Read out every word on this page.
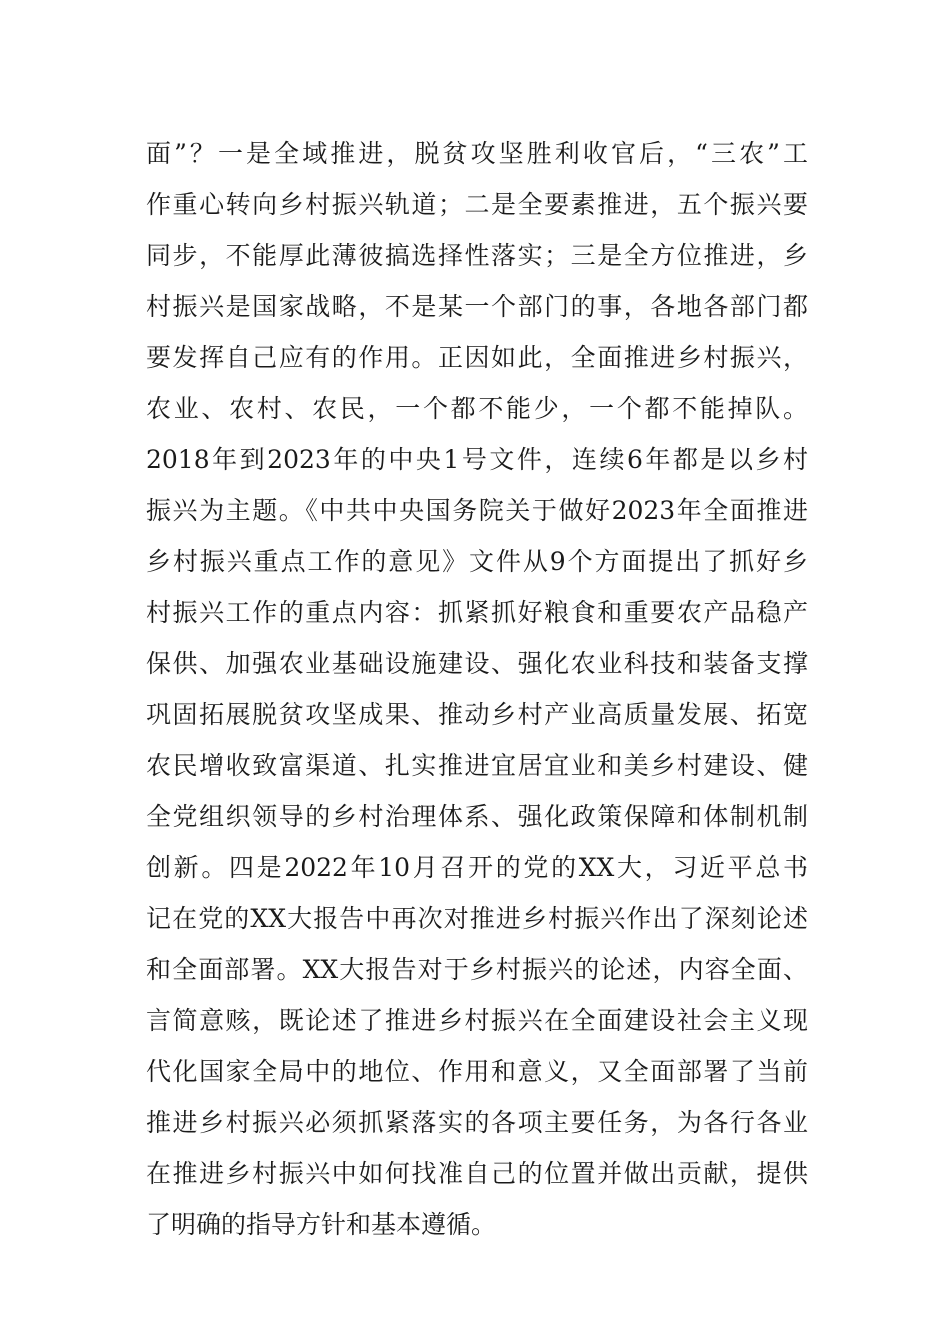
面”？一是全域推进，脱贫攻坚胜利收官后，“三农”工
作重心转向乡村振兴轨道；二是全要素推进，五个振兴要
同步，不能厚此薄彼搞选择性落实；三是全方位推进，乡
村振兴是国家战略，不是某一个部门的事，各地各部门都
要发挥自己应有的作用。正因如此，全面推进乡村振兴，
农业、农村、农民，一个都不能少，一个都不能掉队。
2018年到2023年的中央1号文件，连续6年都是以乡村
振兴为主题。《中共中央国务院关于做好2023年全面推进
乡村振兴重点工作的意见》文件从9个方面提出了抓好乡
村振兴工作的重点内容：抓紧抓好粮食和重要农产品稳产
保供、加强农业基础设施建设、强化农业科技和装备支撑
巩固拓展脱贫攻坚成果、推动乡村产业高质量发展、拓宽
农民增收致富渠道、扎实推进宜居宜业和美乡村建设、健
全党组织领导的乡村治理体系、强化政策保障和体制机制
创新。四是2022年10月召开的党的XX大，习近平总书
记在党的XX大报告中再次对推进乡村振兴作出了深刻论述
和全面部署。XX大报告对于乡村振兴的论述，内容全面、
言简意赅，既论述了推进乡村振兴在全面建设社会主义现
代化国家全局中的地位、作用和意义，又全面部署了当前
推进乡村振兴必须抓紧落实的各项主要任务，为各行各业
在推进乡村振兴中如何找准自己的位置并做出贡献，提供
了明确的指导方针和基本遵循。
